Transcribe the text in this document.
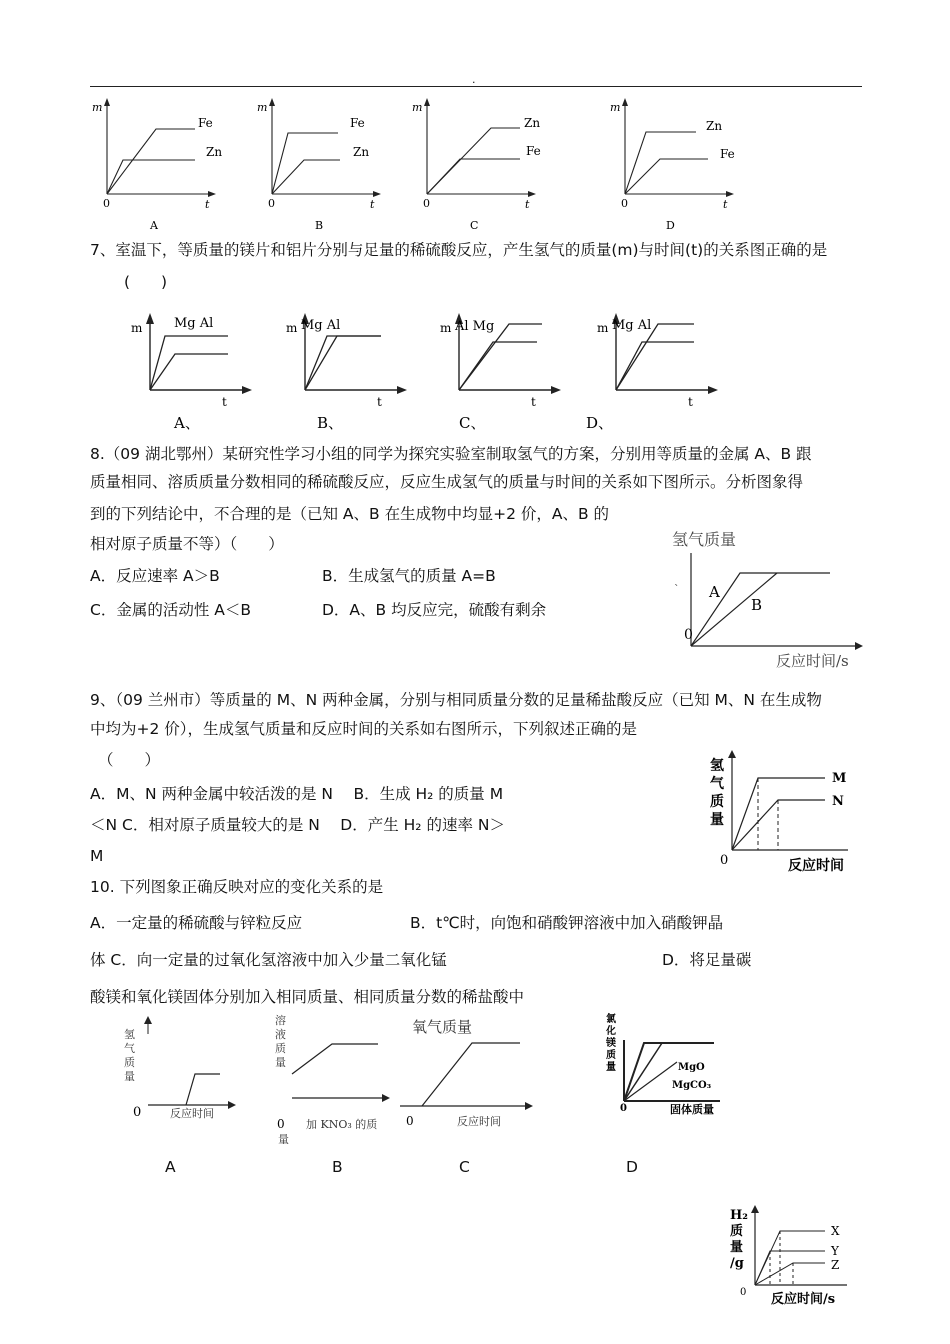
.
m
Fe
Zn
0	t
A
m
Fe
Zn
0	t
B
m
Zn
Fe
0	t
C
m
Zn
Fe
0	t
D
7、室温下，等质量的镁片和铝片分别与足量的稀硫酸反应，产生氢气的质量(m)与时间(t)的关系图正确的是
(　　)
m Mg Al
t
A、
m Mg Al
t
B、
m Al Mg
t
C、
m Mg Al
t
D、
8.（09 湖北鄂州）某研究性学习小组的同学为探究实验室制取氢气的方案，分别用等质量的金属 A、B 跟
质量相同、溶质质量分数相同的稀硫酸反应，反应生成氢气的质量与时间的关系如下图所示。分析图象得
到的下列结论中，不合理的是（已知 A、B 在生成物中均显+2 价，A、B 的
相对原子质量不等）（　　）
A．反应速率 A＞B	B．生成氢气的质量 A=B
C．金属的活动性 A＜B	D．A、B 均反应完，硫酸有剩余
氢气质量
` A
B
0
反应时间/s
9、（09 兰州市）等质量的 M、N 两种金属，分别与相同质量分数的足量稀盐酸反应（已知 M、N 在生成物
中均为+2 价），生成氢气质量和反应时间的关系如右图所示，下列叙述正确的是
（　　）
A．M、N 两种金属中较活泼的是 N　 B．生成 H₂ 的质量 M
＜N C．相对原子质量较大的是 N　 D．产生 H₂ 的速率 N＞
M
氢
气
质
量
M
N
0	反应时间
10. 下列图象正确反映对应的变化关系的是
A．一定量的稀硫酸与锌粒反应	B．t℃时，向饱和硝酸钾溶液中加入硝酸钾晶
体 C．向一定量的过氧化氢溶液中加入少量二氧化锰	D．将足量碳
酸镁和氧化镁固体分别加入相同质量、相同质量分数的稀盐酸中
氢
气
质
量
0	反应时间
A
溶
液
质
量
0 加 KNO₃ 的质
量
B
氧气质量
0	反应时间
C
氯
化
镁
质
量	MgO
MgCO₃
0	固体质量
D
H₂
质
量
/g
X
Y
Z
0 反应时间/s
